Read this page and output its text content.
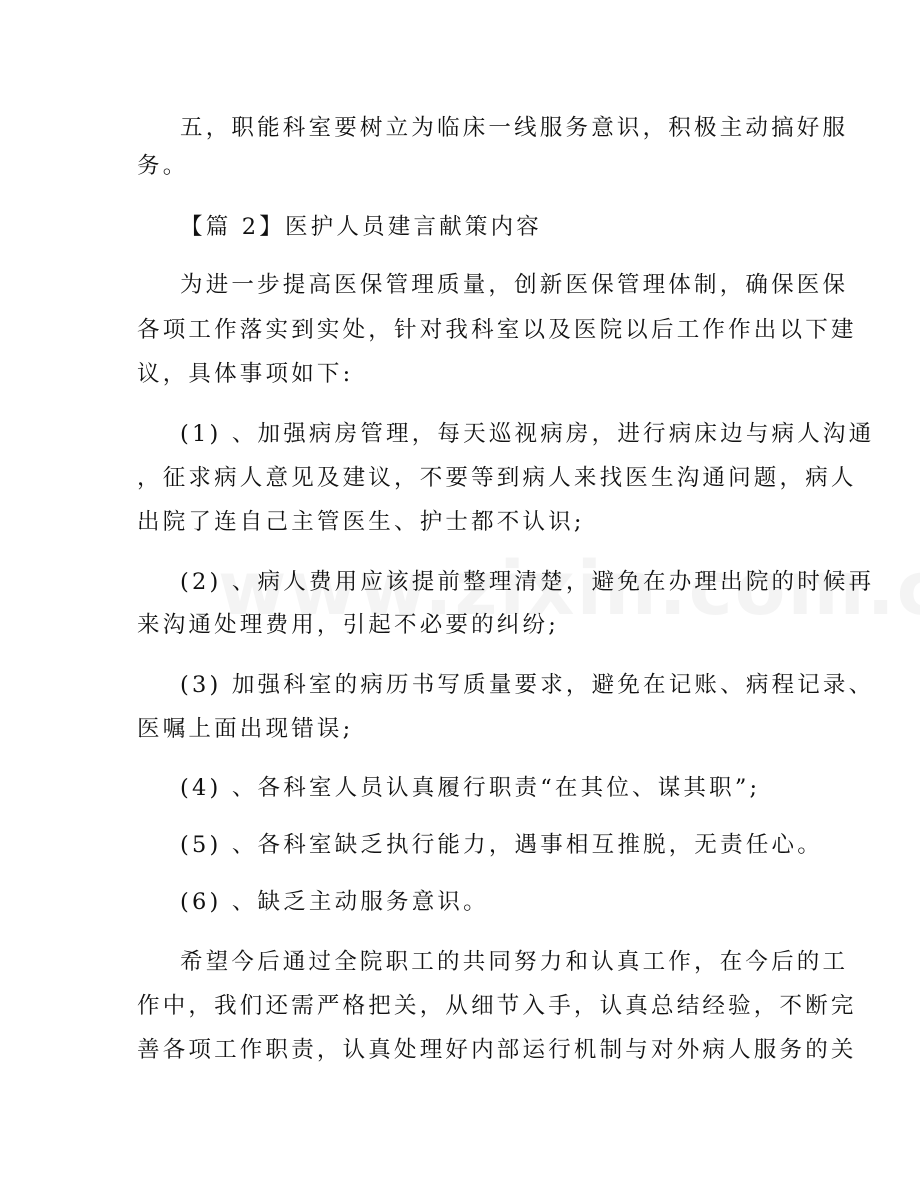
五，职能科室要树立为临床一线服务意识，积极主动搞好服
务。
【篇 2】医护人员建言献策内容
为进一步提高医保管理质量，创新医保管理体制，确保医保
各项工作落实到实处，针对我科室以及医院以后工作作出以下建
议，具体事项如下:
(1) 、加强病房管理，每天巡视病房，进行病床边与病人沟通
，征求病人意见及建议，不要等到病人来找医生沟通问题，病人
出院了连自己主管医生、护士都不认识;
(2) 、病人费用应该提前整理清楚，避免在办理出院的时候再
来沟通处理费用，引起不必要的纠纷;
(3) 加强科室的病历书写质量要求，避免在记账、病程记录、
医嘱上面出现错误;
(4) 、各科室人员认真履行职责“在其位、谋其职”;
(5) 、各科室缺乏执行能力，遇事相互推脱，无责任心。
(6) 、缺乏主动服务意识。
希望今后通过全院职工的共同努力和认真工作，在今后的工
作中，我们还需严格把关，从细节入手，认真总结经验，不断完
善各项工作职责，认真处理好内部运行机制与对外病人服务的关
